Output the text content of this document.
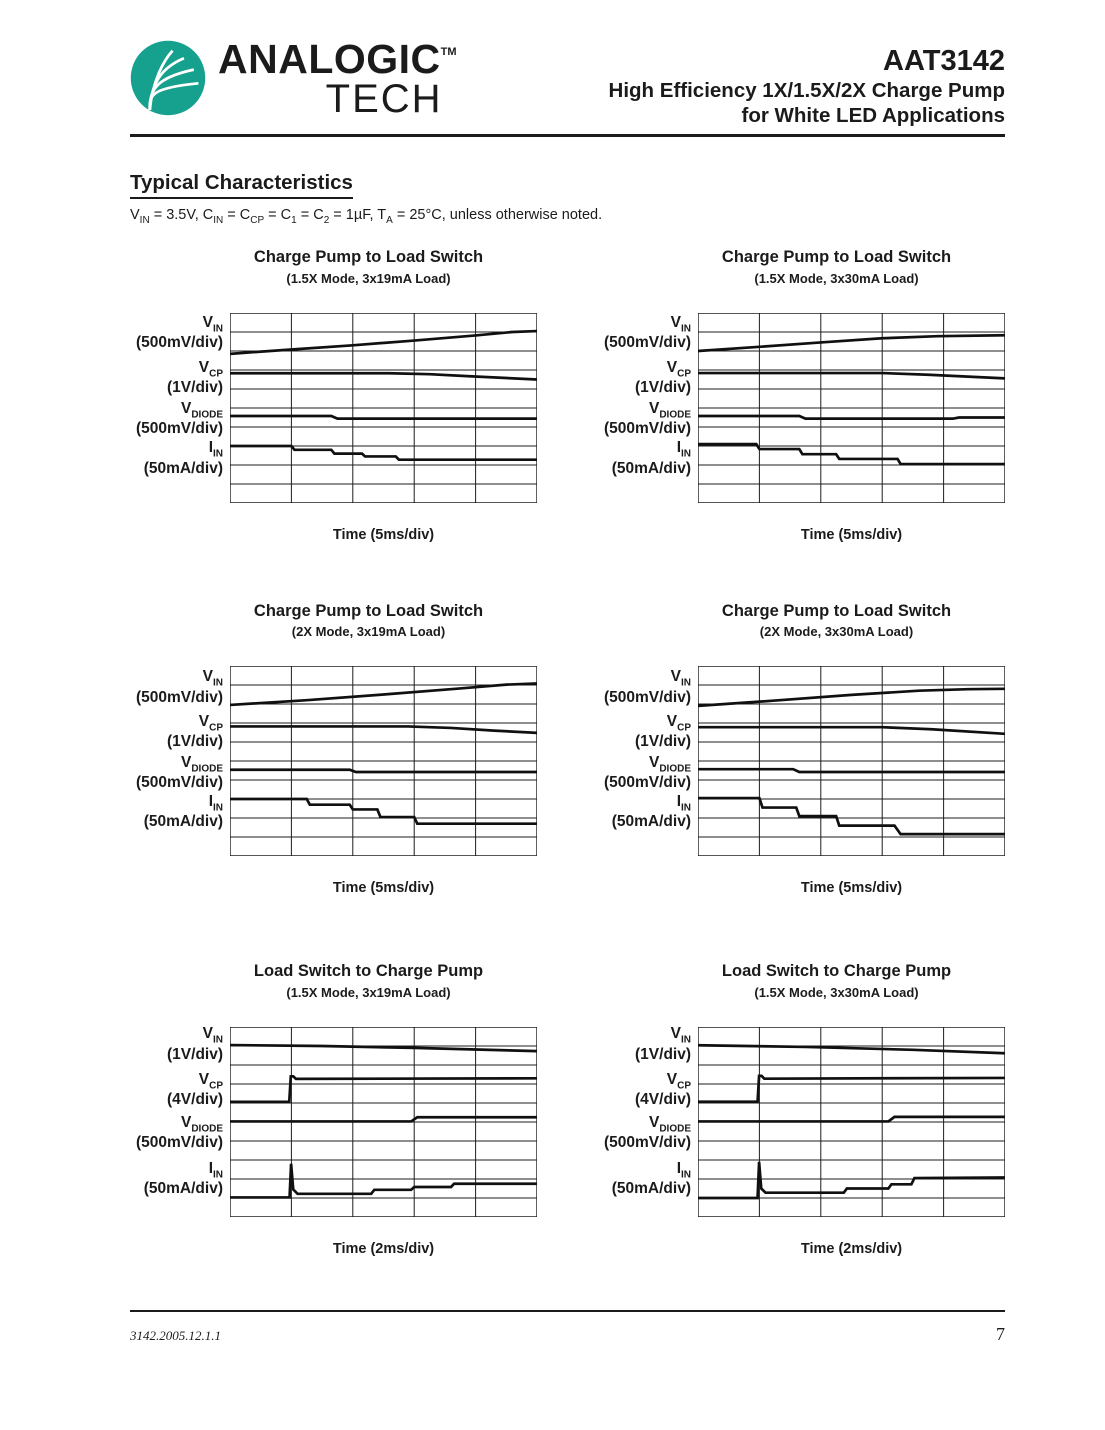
ANALOGIC™
TECH
AAT3142
High Efficiency 1X/1.5X/2X Charge Pump
for White LED Applications
Typical Characteristics
$V_{IN} = 3.5V$, $C_{IN} = C_{CP} = C_1 = C_2 = 1\mu F$, $T_A = 25^\circ C$, unless otherwise noted.
Charge Pump to Load Switch
(1.5X Mode, 3x19mA Load)
$V_{IN}$
(500mV/div)
$V_{CP}$
(1V/div)
$V_{DIODE}$
(500mV/div)
$I_{IN}$
(50mA/div)
Time (5ms/div)
Charge Pump to Load Switch
(1.5X Mode, 3x30mA Load)
$V_{IN}$
(500mV/div)
$V_{CP}$
(1V/div)
$V_{DIODE}$
(500mV/div)
$I_{IN}$
(50mA/div)
Time (5ms/div)
Charge Pump to Load Switch
(2X Mode, 3x19mA Load)
$V_{IN}$
(500mV/div)
$V_{CP}$
(1V/div)
$V_{DIODE}$
(500mV/div)
$I_{IN}$
(50mA/div)
Time (5ms/div)
Charge Pump to Load Switch
(2X Mode, 3x30mA Load)
$V_{IN}$
(500mV/div)
$V_{CP}$
(1V/div)
$V_{DIODE}$
(500mV/div)
$I_{IN}$
(50mA/div)
Time (5ms/div)
Load Switch to Charge Pump
(1.5X Mode, 3x19mA Load)
$V_{IN}$
(1V/div)
$V_{CP}$
(4V/div)
$V_{DIODE}$
(500mV/div)
$I_{IN}$
(50mA/div)
Time (2ms/div)
Load Switch to Charge Pump
(1.5X Mode, 3x30mA Load)
$V_{IN}$
(1V/div)
$V_{CP}$
(4V/div)
$V_{DIODE}$
(500mV/div)
$I_{IN}$
(50mA/div)
Time (2ms/div)
3142.2005.12.1.1	7
